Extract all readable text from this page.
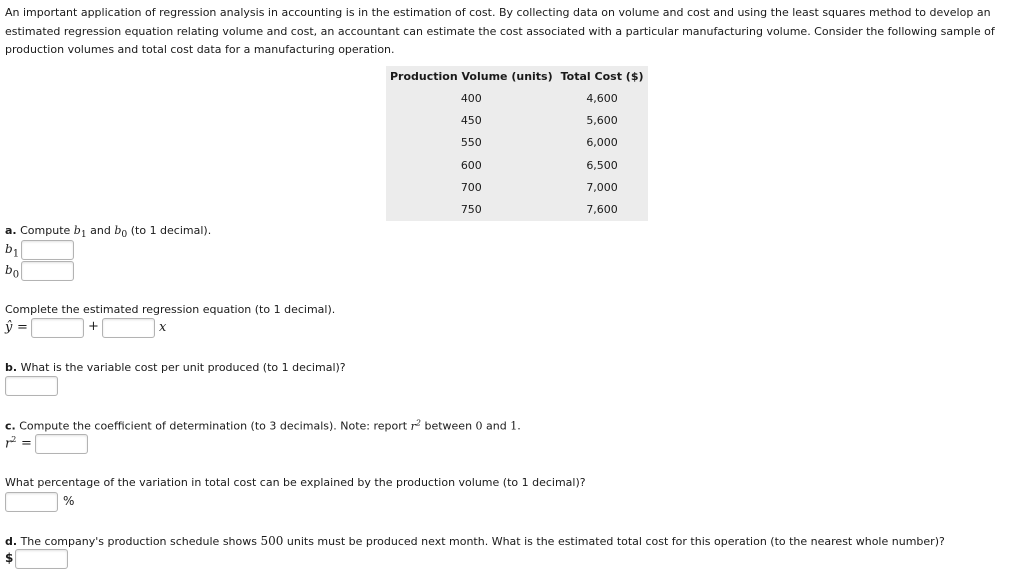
An important application of regression analysis in accounting is in the estimation of cost. By collecting data on volume and cost and using the least squares method to develop an estimated regression equation relating volume and cost, an accountant can estimate the cost associated with a particular manufacturing volume. Consider the following sample of production volumes and total cost data for a manufacturing operation.

Production Volume (units)	Total Cost ($)
400	4,600
450	5,600
550	6,000
600	6,500
700	7,000
750	7,600

a. Compute $b_1$ and $b_0$ (to 1 decimal).

$b_1$
$b_0$

Complete the estimated regression equation (to 1 decimal).

ŷ =	+	x

b. What is the variable cost per unit produced (to 1 decimal)?

c. Compute the coefficient of determination (to 3 decimals). Note: report $r^2$ between 0 and 1.

$r^2$ =

What percentage of the variation in total cost can be explained by the production volume (to 1 decimal)?

%

d. The company's production schedule shows 500 units must be produced next month. What is the estimated total cost for this operation (to the nearest whole number)?

$
